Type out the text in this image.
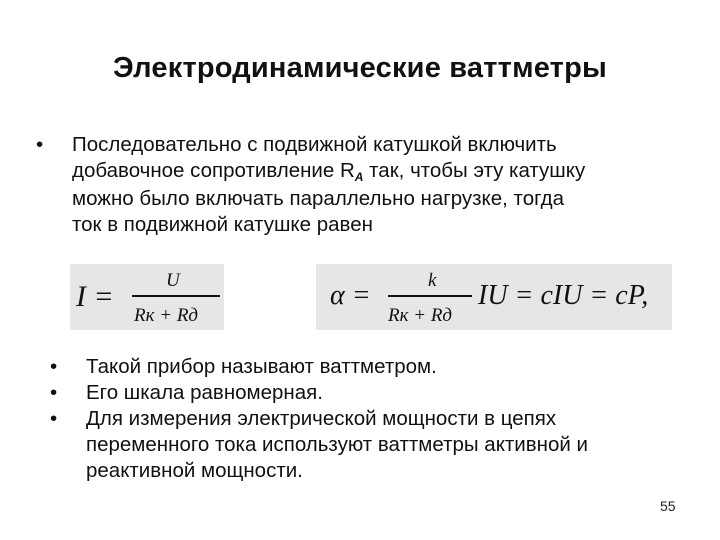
Электродинамические ваттметры
• Последовательно с подвижной катушкой включить
добавочное сопротивление RА так, чтобы эту катушку
можно было включать параллельно нагрузке, тогда
ток в подвижной катушке равен
I =	U
Rк + Rд
α =	k
Rк + Rд
IU = cIU = cP,
• Такой прибор называют ваттметром.
• Его шкала равномерная.
• Для измерения электрической мощности в цепях
переменного тока используют ваттметры активной и
реактивной мощности.
55
